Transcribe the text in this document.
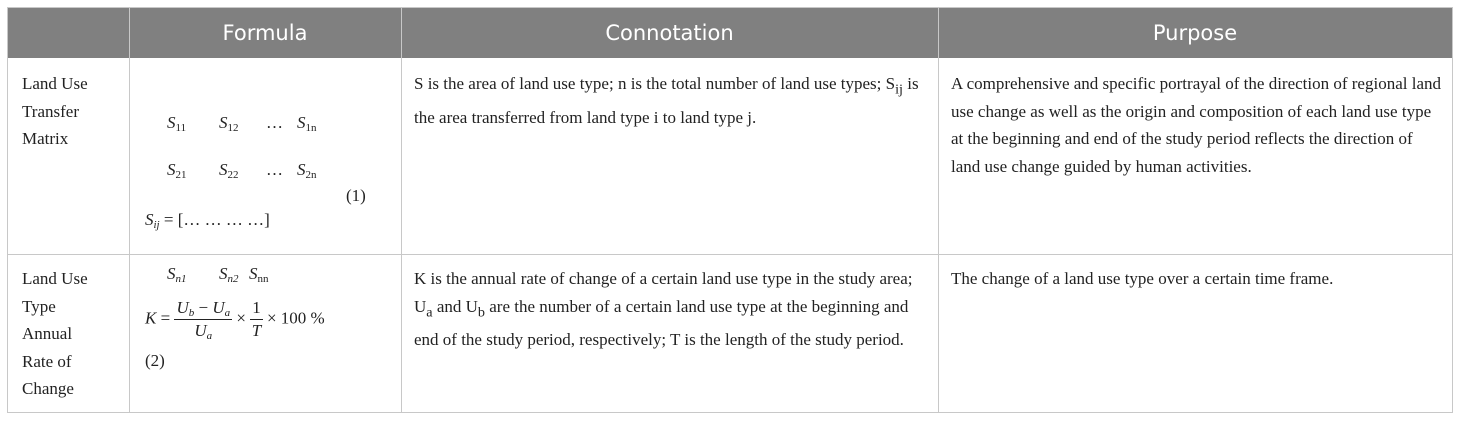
Formula	Connotation	Purpose
Land Use
Transfer
Matrix
$S_{11}$ $S_{12}$ … $S_{1n}$
$S_{21}$ $S_{22}$ … $S_{2n}$
(1)
$S_{ij}$ = [… … … …]
$S_{n1}$ $S_{n2}$ $S_{nn}$
S is the area of land use type; n is the total number of land use types; $S_{ij}$ is the area transferred from land type i to land type j.
A comprehensive and specific portrayal of the direction of regional land use change as well as the origin and composition of each land use type at the beginning and end of the study period reflects the direction of land use change guided by human activities.
Land Use
Type
Annual
Rate of
Change
$K = \frac{U_b - U_a}{U_a} \times \frac{1}{T} \times 100$ %
(2)
K is the annual rate of change of a certain land use type in the study area; $U_a$ and $U_b$ are the number of a certain land use type at the beginning and end of the study period, respectively; T is the length of the study period.
The change of a land use type over a certain time frame.
